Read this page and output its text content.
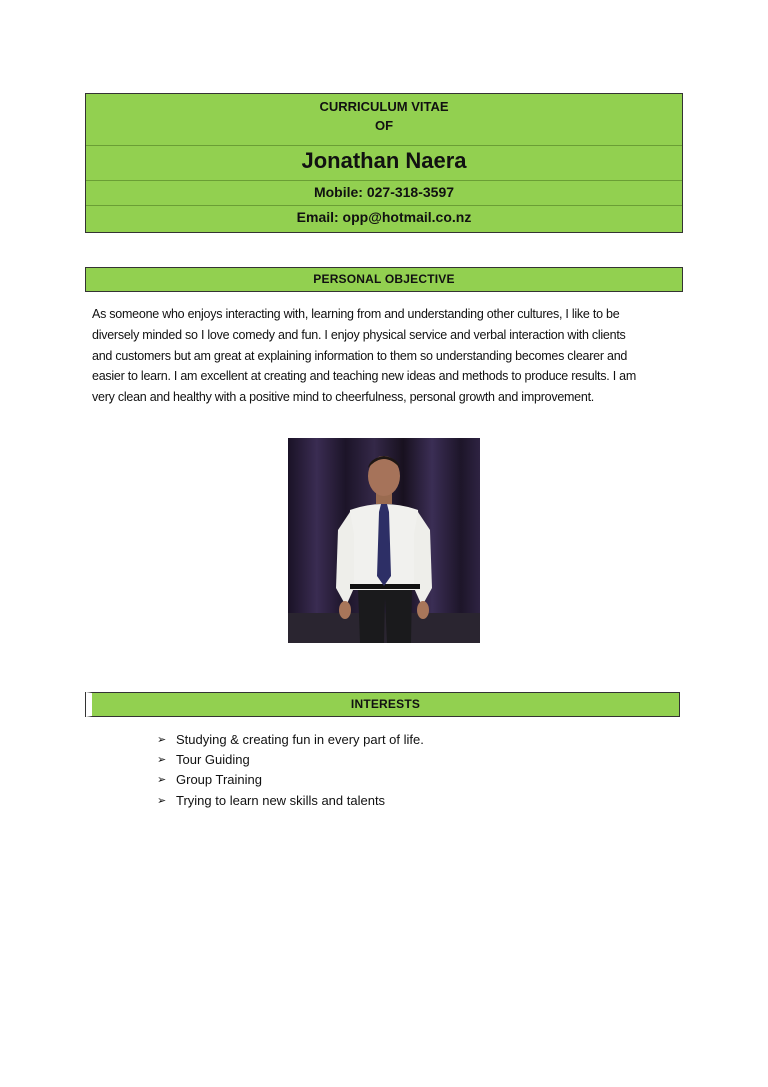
CURRICULUM VITAE
OF
Jonathan Naera
Mobile: 027-318-3597
Email: opp@hotmail.co.nz
PERSONAL OBJECTIVE

As someone who enjoys interacting with, learning from and understanding other cultures, I like to be diversely minded so I love comedy and fun. I enjoy physical service and verbal interaction with clients and customers but am great at explaining information to them so understanding becomes clearer and easier to learn. I am excellent at creating and teaching new ideas and methods to produce results. I am very clean and healthy with a positive mind to cheerfulness, personal growth and improvement.

INTERESTS
➢ Studying & creating fun in every part of life.
➢ Tour Guiding
➢ Group Training
➢ Trying to learn new skills and talents
